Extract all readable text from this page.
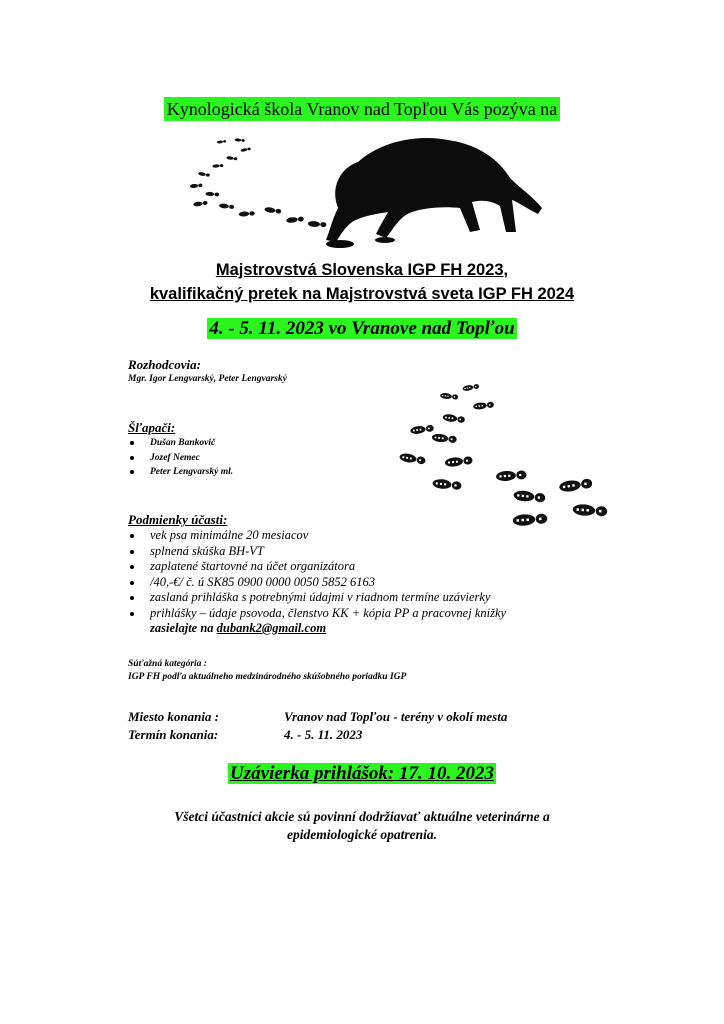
Kynologická škola Vranov nad Topľou Vás pozýva na
Majstrovstvá Slovenska IGP FH 2023,
kvalifikačný pretek na Majstrovstvá sveta IGP FH 2024
4. - 5. 11. 2023 vo Vranove nad Topľou
Rozhodcovia:
Mgr. Igor Lengvarský, Peter Lengvarský
Šľapači:
Dušan Bankovič
Jozef Nemec
Peter Lengvarský ml.
Podmienky účasti:
vek psa minimálne 20 mesiacov
splnená skúška BH-VT
zaplatené štartovné na účet organizátora
/40,-€/ č. ú SK85 0900 0000 0050 5852 6163
zaslaná prihláška s potrebnými údajmi v riadnom termíne uzávierky
prihlášky – údaje psovoda, členstvo KK + kópia PP a pracovnej knižky
zasielajte na dubank2@gmail.com
Súťažná kategória :
IGP FH podľa aktuálneho medzinárodného skúšobného poriadku IGP
Miesto konania :	Vranov nad Topľou - terény v okolí mesta
Termín konania:	4. - 5. 11. 2023
Uzávierka prihlášok: 17. 10. 2023
Všetci účastníci akcie sú povinní dodržiavať aktuálne veterinárne a
epidemiologické opatrenia.
